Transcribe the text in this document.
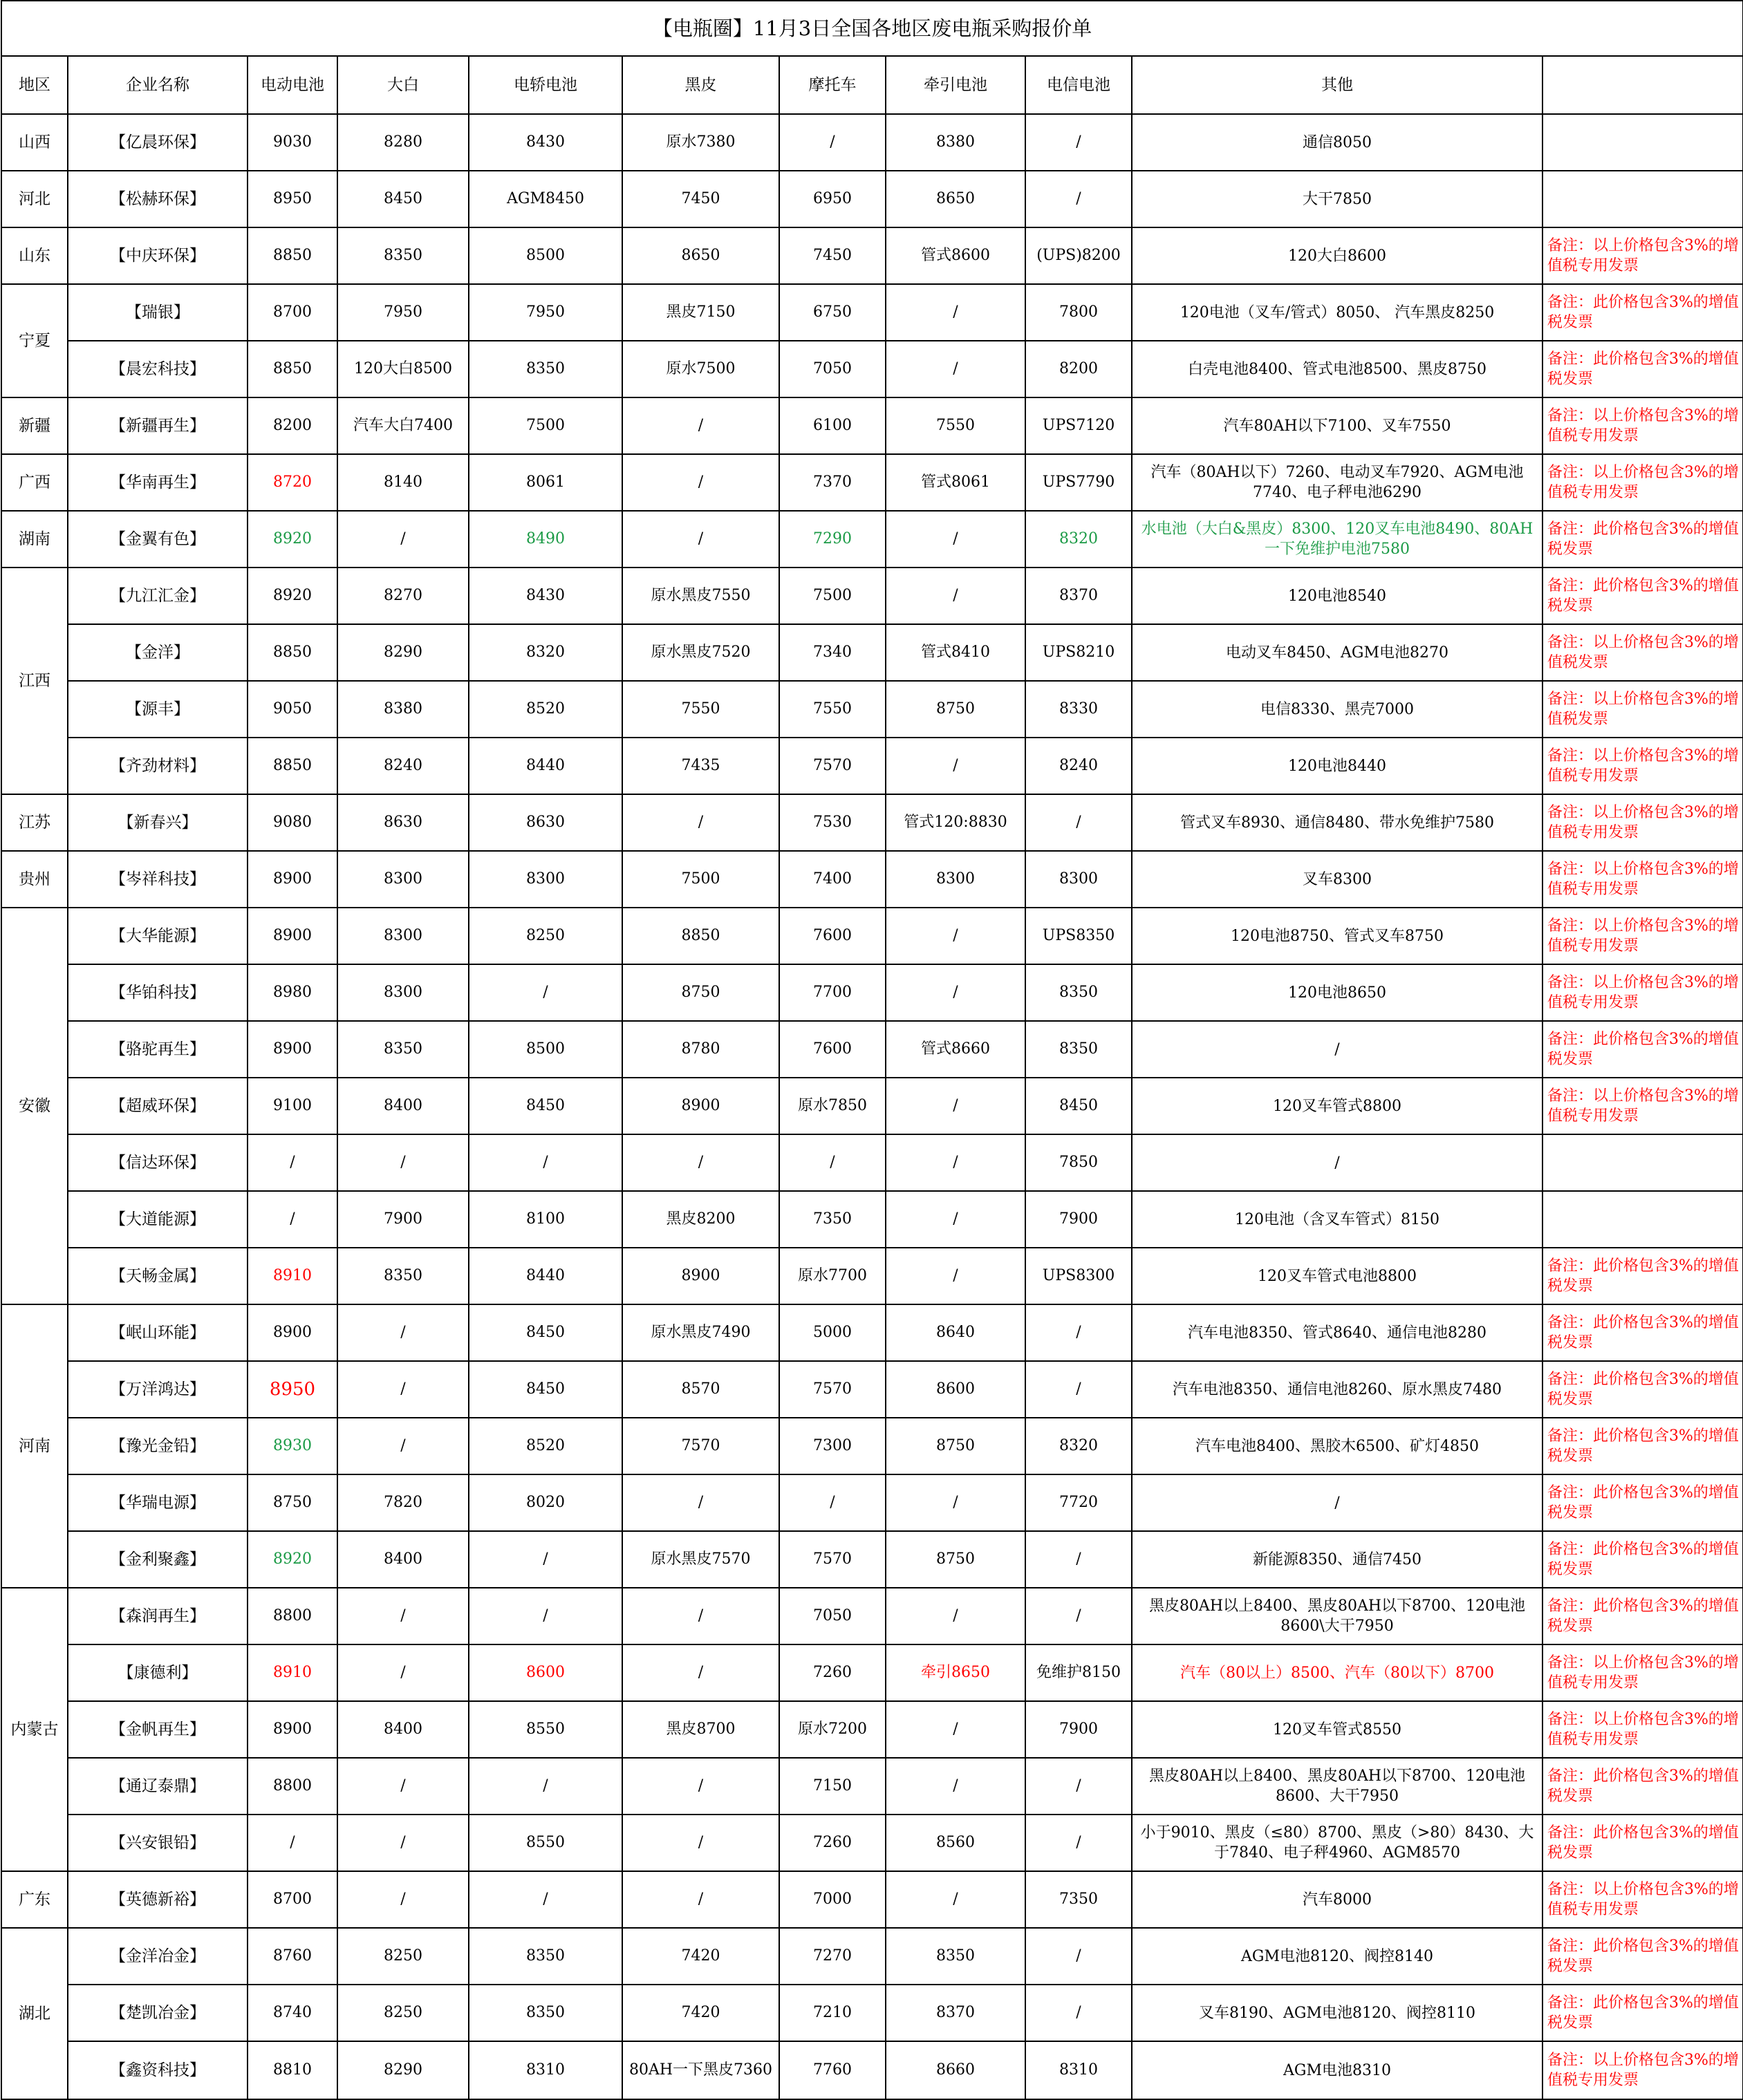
【电瓶圈】11月3日全国各地区废电瓶采购报价单										
地区	企业名称	电动电池	大白	电轿电池	黑皮	摩托车	牵引电池	电信电池	其他	
山西	【亿晨环保】	9030	8280	8430	原水7380	/	8380	/	通信8050	
河北	【松赫环保】	8950	8450	AGM8450	7450	6950	8650	/	大干7850	
山东	【中庆环保】	8850	8350	8500	8650	7450	管式8600	(UPS)8200	120大白8600	备注：以上价格包含3%的增值税专用发票
宁夏	【瑞银】	8700	7950	7950	黑皮7150	6750	/	7800	120电池（叉车/管式）8050、 汽车黑皮8250	备注：此价格包含3%的增值税发票
	【晨宏科技】	8850	120大白8500	8350	原水7500	7050	/	8200	白壳电池8400、管式电池8500、黑皮8750	备注：此价格包含3%的增值税发票
新疆	【新疆再生】	8200	汽车大白7400	7500	/	6100	7550	UPS7120	汽车80AH以下7100、叉车7550	备注：以上价格包含3%的增值税专用发票
广西	【华南再生】	8720	8140	8061	/	7370	管式8061	UPS7790	汽车（80AH以下）7260、电动叉车7920、AGM电池7740、电子秤电池6290	备注：以上价格包含3%的增值税专用发票
湖南	【金翼有色】	8920	/	8490	/	7290	/	8320	水电池（大白&黑皮）8300、120叉车电池8490、80AH一下免维护电池7580	备注：此价格包含3%的增值税发票
江西	【九江汇金】	8920	8270	8430	原水黑皮7550	7500	/	8370	120电池8540	备注：此价格包含3%的增值税发票
	【金洋】	8850	8290	8320	原水黑皮7520	7340	管式8410	UPS8210	电动叉车8450、AGM电池8270	备注：以上价格包含3%的增值税发票
	【源丰】	9050	8380	8520	7550	7550	8750	8330	电信8330、黑壳7000	备注：以上价格包含3%的增值税发票
	【齐劲材料】	8850	8240	8440	7435	7570	/	8240	120电池8440	备注：以上价格包含3%的增值税专用发票
江苏	【新春兴】	9080	8630	8630	/	7530	管式120:8830	/	管式叉车8930、通信8480、带水免维护7580	备注：以上价格包含3%的增值税专用发票
贵州	【岑祥科技】	8900	8300	8300	7500	7400	8300	8300	叉车8300	备注：以上价格包含3%的增值税专用发票
安徽	【大华能源】	8900	8300	8250	8850	7600	/	UPS8350	120电池8750、管式叉车8750	备注：以上价格包含3%的增值税专用发票
	【华铂科技】	8980	8300	/	8750	7700	/	8350	120电池8650	备注：以上价格包含3%的增值税专用发票
	【骆驼再生】	8900	8350	8500	8780	7600	管式8660	8350	/	备注：此价格包含3%的增值税发票
	【超威环保】	9100	8400	8450	8900	原水7850	/	8450	120叉车管式8800	备注：以上价格包含3%的增值税专用发票
	【信达环保】	/	/	/	/	/	/	7850	/	
	【大道能源】	/	7900	8100	黑皮8200	7350	/	7900	120电池（含叉车管式）8150	
	【天畅金属】	8910	8350	8440	8900	原水7700	/	UPS8300	120叉车管式电池8800	备注：此价格包含3%的增值税发票
河南	【岷山环能】	8900	/	8450	原水黑皮7490	5000	8640	/	汽车电池8350、管式8640、通信电池8280	备注：此价格包含3%的增值税发票
	【万洋鸿达】	8950	/	8450	8570	7570	8600	/	汽车电池8350、通信电池8260、原水黑皮7480	备注：此价格包含3%的增值税发票
	【豫光金铅】	8930	/	8520	7570	7300	8750	8320	汽车电池8400、黑胶木6500、矿灯4850	备注：此价格包含3%的增值税发票
	【华瑞电源】	8750	7820	8020	/	/	/	7720	/	备注：此价格包含3%的增值税发票
	【金利聚鑫】	8920	8400	/	原水黑皮7570	7570	8750	/	新能源8350、通信7450	备注：此价格包含3%的增值税发票
内蒙古	【森润再生】	8800	/	/	/	7050	/	/	黑皮80AH以上8400、黑皮80AH以下8700、120电池8600\大干7950	备注：此价格包含3%的增值税发票
	【康德利】	8910	/	8600	/	7260	牵引8650	免维护8150	汽车（80以上）8500、汽车（80以下）8700	备注：以上价格包含3%的增值税专用发票
	【金帆再生】	8900	8400	8550	黑皮8700	原水7200	/	7900	120叉车管式8550	备注：以上价格包含3%的增值税专用发票
	【通辽泰鼎】	8800	/	/	/	7150	/	/	黑皮80AH以上8400、黑皮80AH以下8700、120电池8600、大干7950	备注：此价格包含3%的增值税发票
	【兴安银铅】	/	/	8550	/	7260	8560	/	小于9010、黑皮（≤80）8700、黑皮（>80）8430、大于7840、电子秤4960、AGM8570	备注：此价格包含3%的增值税发票
广东	【英德新裕】	8700	/	/	/	7000	/	7350	汽车8000	备注：以上价格包含3%的增值税专用发票
湖北	【金洋冶金】	8760	8250	8350	7420	7270	8350	/	AGM电池8120、阀控8140	备注：此价格包含3%的增值税发票
	【楚凯冶金】	8740	8250	8350	7420	7210	8370	/	叉车8190、AGM电池8120、阀控8110	备注：此价格包含3%的增值税发票
	【鑫资科技】	8810	8290	8310	80AH一下黑皮7360	7760	8660	8310	AGM电池8310	备注：以上价格包含3%的增值税专用发票
